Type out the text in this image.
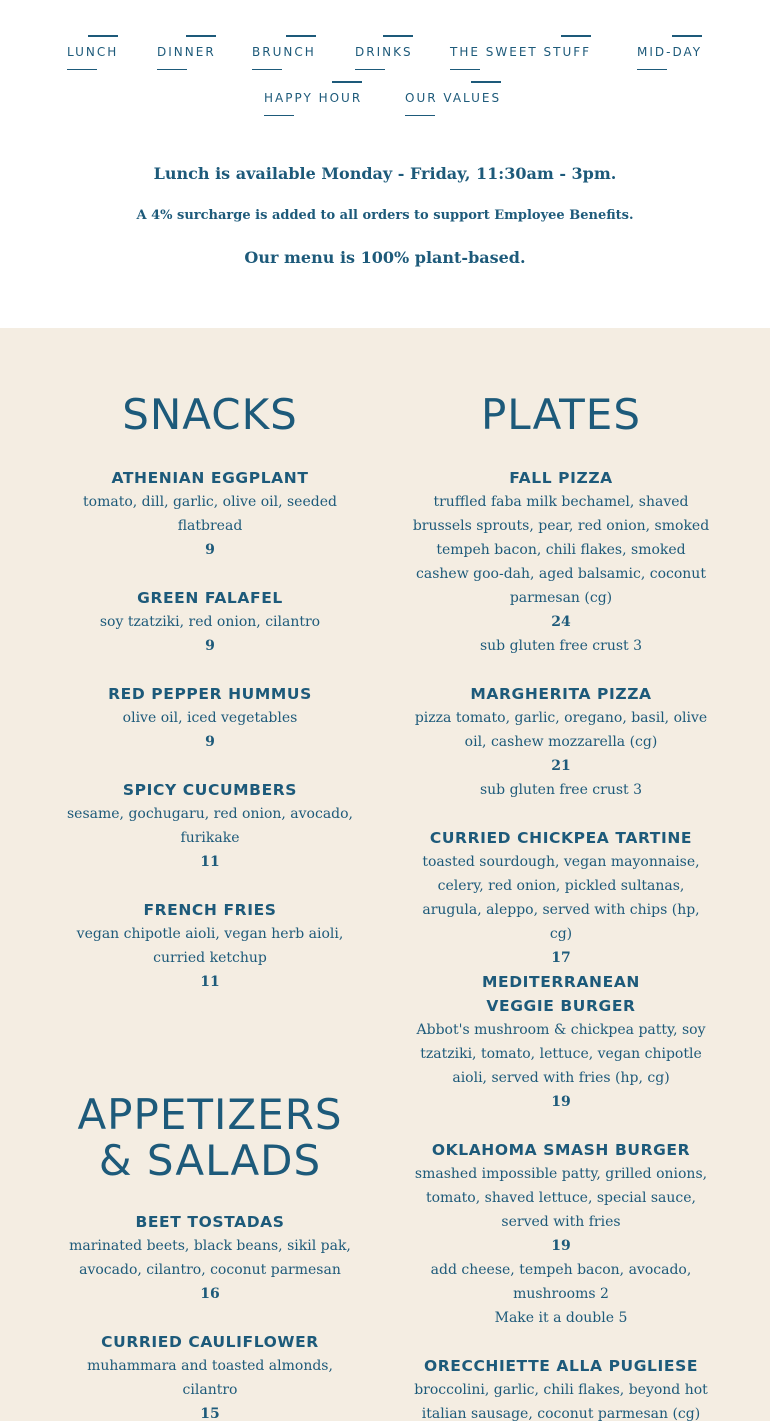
LUNCH	DINNER	BRUNCH	DRINKS	THE SWEET STUFF	MID-DAY
HAPPY HOUR	OUR VALUES
Lunch is available Monday - Friday, 11:30am - 3pm.
A 4% surcharge is added to all orders to support Employee Benefits.
Our menu is 100% plant-based.
SNACKS
ATHENIAN EGGPLANT
tomato, dill, garlic, olive oil, seeded flatbread
9
GREEN FALAFEL
soy tzatziki, red onion, cilantro
9
RED PEPPER HUMMUS
olive oil, iced vegetables
9
SPICY CUCUMBERS
sesame, gochugaru, red onion, avocado, furikake
11
FRENCH FRIES
vegan chipotle aioli, vegan herb aioli, curried ketchup
11
APPETIZERS
& SALADS
BEET TOSTADAS
marinated beets, black beans, sikil pak, avocado, cilantro, coconut parmesan
16
CURRIED CAULIFLOWER
muhammara and toasted almonds, cilantro
15
PLATES
FALL PIZZA
truffled faba milk bechamel, shaved brussels sprouts, pear, red onion, smoked tempeh bacon, chili flakes, smoked cashew goo-dah, aged balsamic, coconut parmesan (cg)
24
sub gluten free crust 3
MARGHERITA PIZZA
pizza tomato, garlic, oregano, basil, olive oil, cashew mozzarella (cg)
21
sub gluten free crust 3
CURRIED CHICKPEA TARTINE
toasted sourdough, vegan mayonnaise, celery, red onion, pickled sultanas, arugula, aleppo, served with chips (hp, cg)
17
MEDITERRANEAN VEGGIE BURGER
Abbot's mushroom & chickpea patty, soy tzatziki, tomato, lettuce, vegan chipotle aioli, served with fries (hp, cg)
19
OKLAHOMA SMASH BURGER
smashed impossible patty, grilled onions, tomato, shaved lettuce, special sauce, served with fries
19
add cheese, tempeh bacon, avocado, mushrooms 2
Make it a double 5
ORECCHIETTE ALLA PUGLIESE
broccolini, garlic, chili flakes, beyond hot italian sausage, coconut parmesan (cg)
